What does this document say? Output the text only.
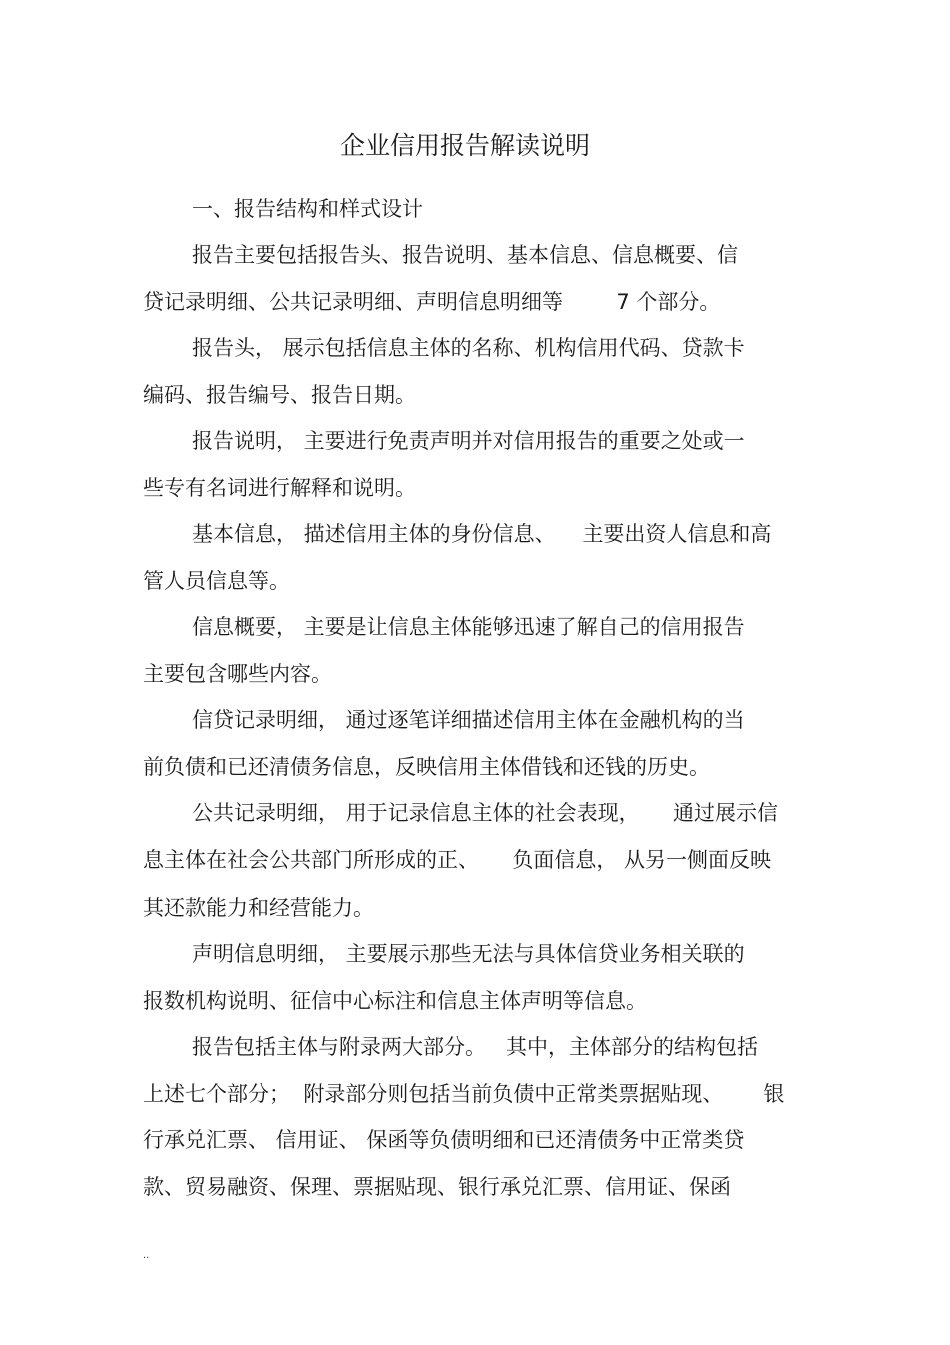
企业信用报告解读说明
一、报告结构和样式设计
报告主要包括报告头、报告说明、基本信息、信息概要、信
贷记录明细、公共记录明细、声明信息明细等        7 个部分。
报告头， 展示包括信息主体的名称、机构信用代码、贷款卡
编码、报告编号、报告日期。
报告说明， 主要进行免责声明并对信用报告的重要之处或一
些专有名词进行解释和说明。
基本信息， 描述信用主体的身份信息、    主要出资人信息和高
管人员信息等。
信息概要， 主要是让信息主体能够迅速了解自己的信用报告
主要包含哪些内容。
信贷记录明细， 通过逐笔详细描述信用主体在金融机构的当
前负债和已还清债务信息，反映信用主体借钱和还钱的历史。
公共记录明细， 用于记录信息主体的社会表现，     通过展示信
息主体在社会公共部门所形成的正、     负面信息， 从另一侧面反映
其还款能力和经营能力。
声明信息明细， 主要展示那些无法与具体信贷业务相关联的
报数机构说明、征信中心标注和信息主体声明等信息。
报告包括主体与附录两大部分。   其中，主体部分的结构包括
上述七个部分；  附录部分则包括当前负债中正常类票据贴现、      银
行承兑汇票、 信用证、 保函等负债明细和已还清债务中正常类贷
款、贸易融资、保理、票据贴现、银行承兑汇票、信用证、保函
..
